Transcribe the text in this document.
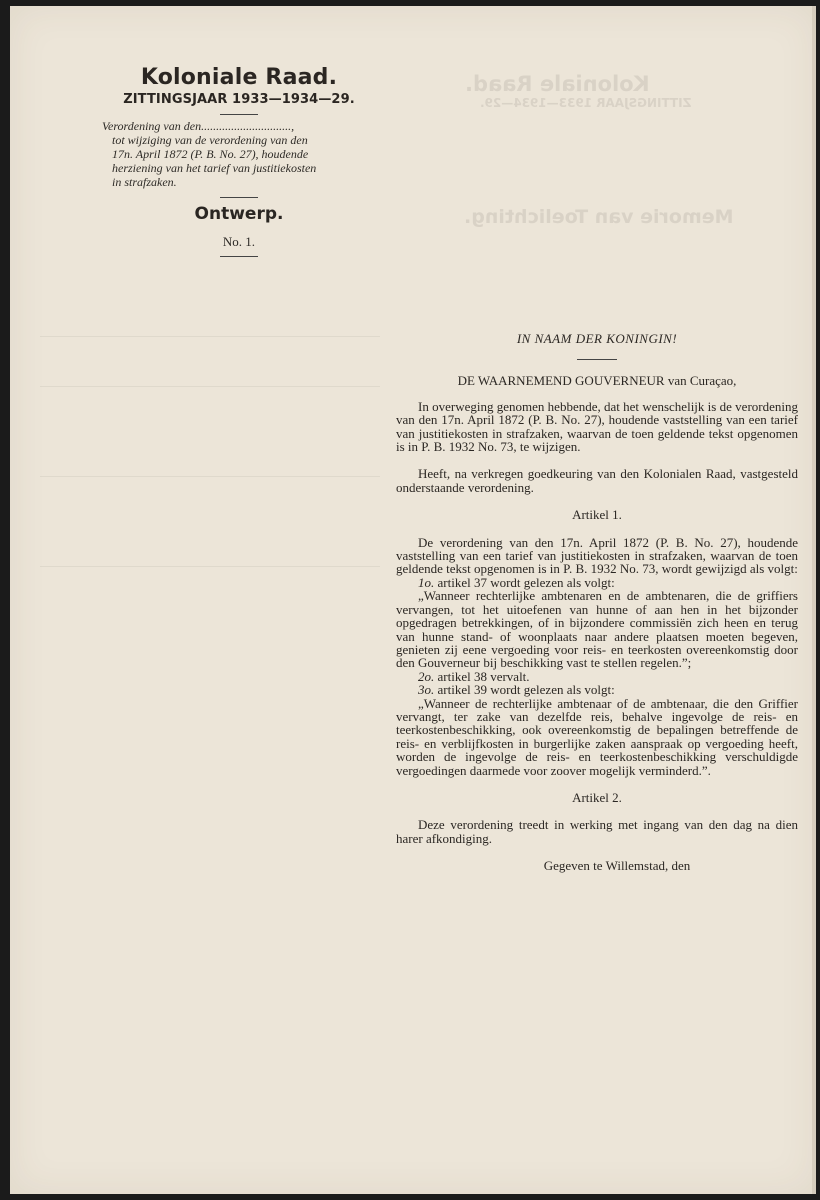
Koloniale Raad.
ZITTINGSJAAR 1933—1934—29.
Memorie van Toelichting.
Koloniale Raad.
ZITTINGSJAAR 1933—1934—29.

Verordening van den..............................,
tot wijziging van de verordening van den
17n. April 1872 (P. B. No. 27), houdende
herziening van het tarief van justitiekosten
in strafzaken.

Ontwerp.
No. 1.
IN NAAM DER KONINGIN!
DE WAARNEMEND GOUVERNEUR van Curaçao,

In overweging genomen hebbende, dat het wenschelijk is de verordening van den 17n. April 1872 (P. B. No. 27), houdende vaststelling van een tarief van justitiekosten in strafzaken, waarvan de toen geldende tekst opgenomen is in P. B. 1932 No. 73, te wijzigen.

Heeft, na verkregen goedkeuring van den Kolonialen Raad, vastgesteld onderstaande verordening.

Artikel 1.

De verordening van den 17n. April 1872 (P. B. No. 27), houdende vaststelling van een tarief van justitiekosten in strafzaken, waarvan de toen geldende tekst opgenomen is in P. B. 1932 No. 73, wordt gewijzigd als volgt:

1o. artikel 37 wordt gelezen als volgt:

„Wanneer rechterlijke ambtenaren en de ambtenaren, die de griffiers vervangen, tot het uitoefenen van hunne of aan hen in het bijzonder opgedragen betrekkingen, of in bijzondere commissiën zich heen en terug van hunne stand- of woonplaats naar andere plaatsen moeten begeven, genieten zij eene vergoeding voor reis- en teerkosten overeenkomstig door den Gouverneur bij beschikking vast te stellen regelen.”;

2o. artikel 38 vervalt.

3o. artikel 39 wordt gelezen als volgt:

„Wanneer de rechterlijke ambtenaar of de ambtenaar, die den Griffier vervangt, ter zake van dezelfde reis, behalve ingevolge de reis- en teerkostenbeschikking, ook overeenkomstig de bepalingen betreffende de reis- en verblijfkosten in burgerlijke zaken aanspraak op vergoeding heeft, worden de ingevolge de reis- en teerkostenbeschikking verschuldigde vergoedingen daarmede voor zoover mogelijk verminderd.”.

Artikel 2.

Deze verordening treedt in werking met ingang van den dag na dien harer afkondiging.

Gegeven te Willemstad, den
